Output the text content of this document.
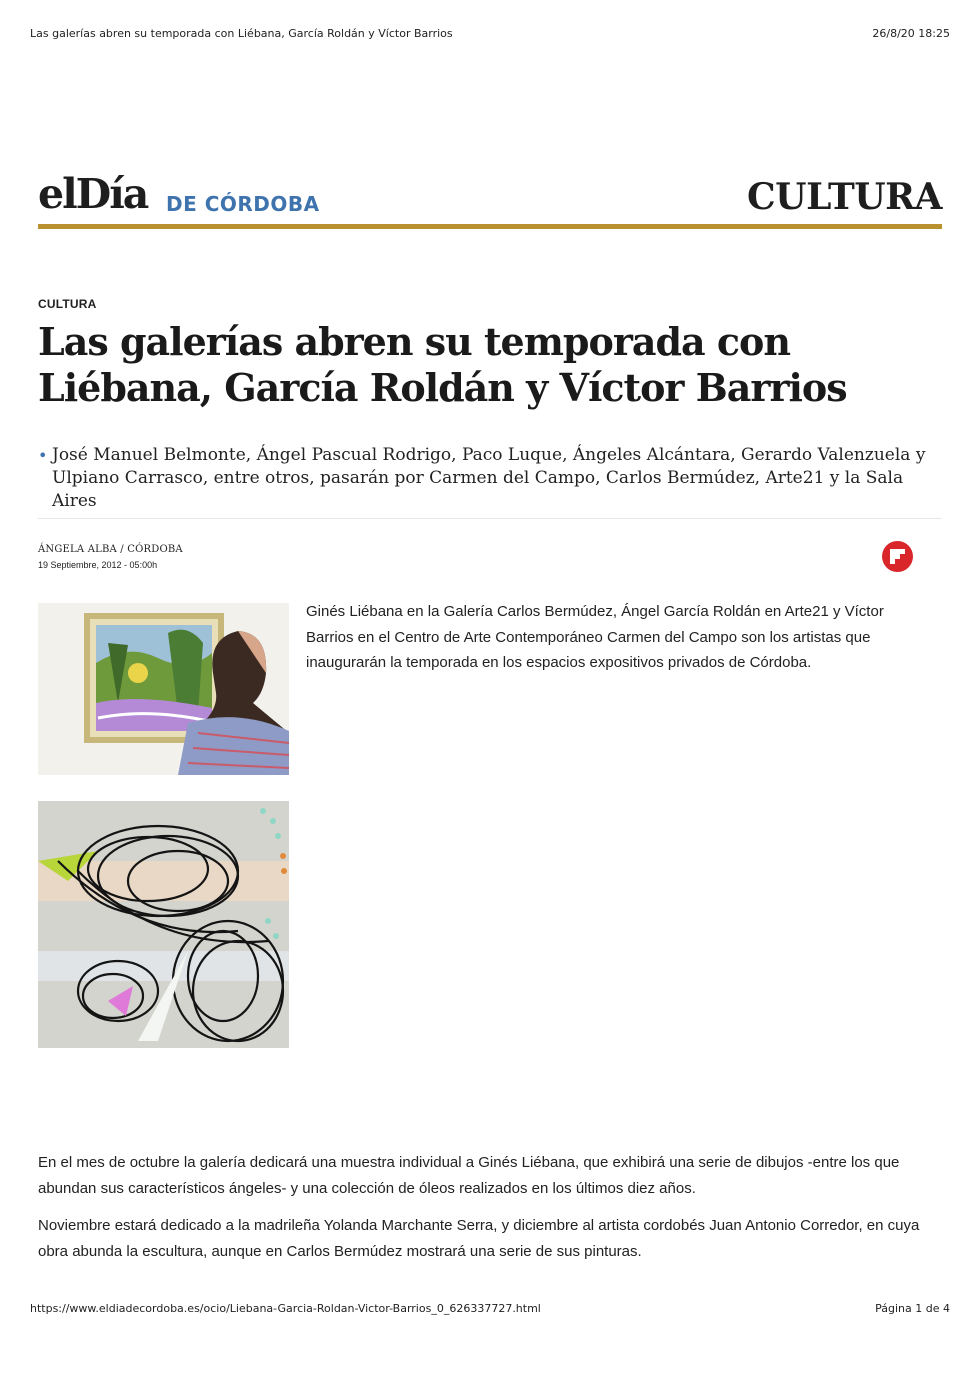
Las galerías abren su temporada con Liébana, García Roldán y Víctor Barrios	26/8/20 18:25
elDía DE CÓRDOBA	CULTURA
CULTURA
Las galerías abren su temporada con Liébana, García Roldán y Víctor Barrios
• José Manuel Belmonte, Ángel Pascual Rodrigo, Paco Luque, Ángeles Alcántara, Gerardo Valenzuela y Ulpiano Carrasco, entre otros, pasarán por Carmen del Campo, Carlos Bermúdez, Arte21 y la Sala Aires
ÁNGELA ALBA / CÓRDOBA
19 Septiembre, 2012 - 05:00h

Ginés Liébana en la Galería Carlos Bermúdez, Ángel García Roldán en Arte21 y Víctor Barrios en el Centro de Arte Contemporáneo Carmen del Campo son los artistas que inaugurarán la temporada en los espacios expositivos privados de Córdoba.

En el mes de octubre la galería dedicará una muestra individual a Ginés Liébana, que exhibirá una serie de dibujos -entre los que abundan sus característicos ángeles- y una colección de óleos realizados en los últimos diez años.

Noviembre estará dedicado a la madrileña Yolanda Marchante Serra, y diciembre al artista cordobés Juan Antonio Corredor, en cuya obra abunda la escultura, aunque en Carlos Bermúdez mostrará una serie de sus pinturas.

https://www.eldiadecordoba.es/ocio/Liebana-Garcia-Roldan-Victor-Barrios_0_626337727.html	Página 1 de 4
